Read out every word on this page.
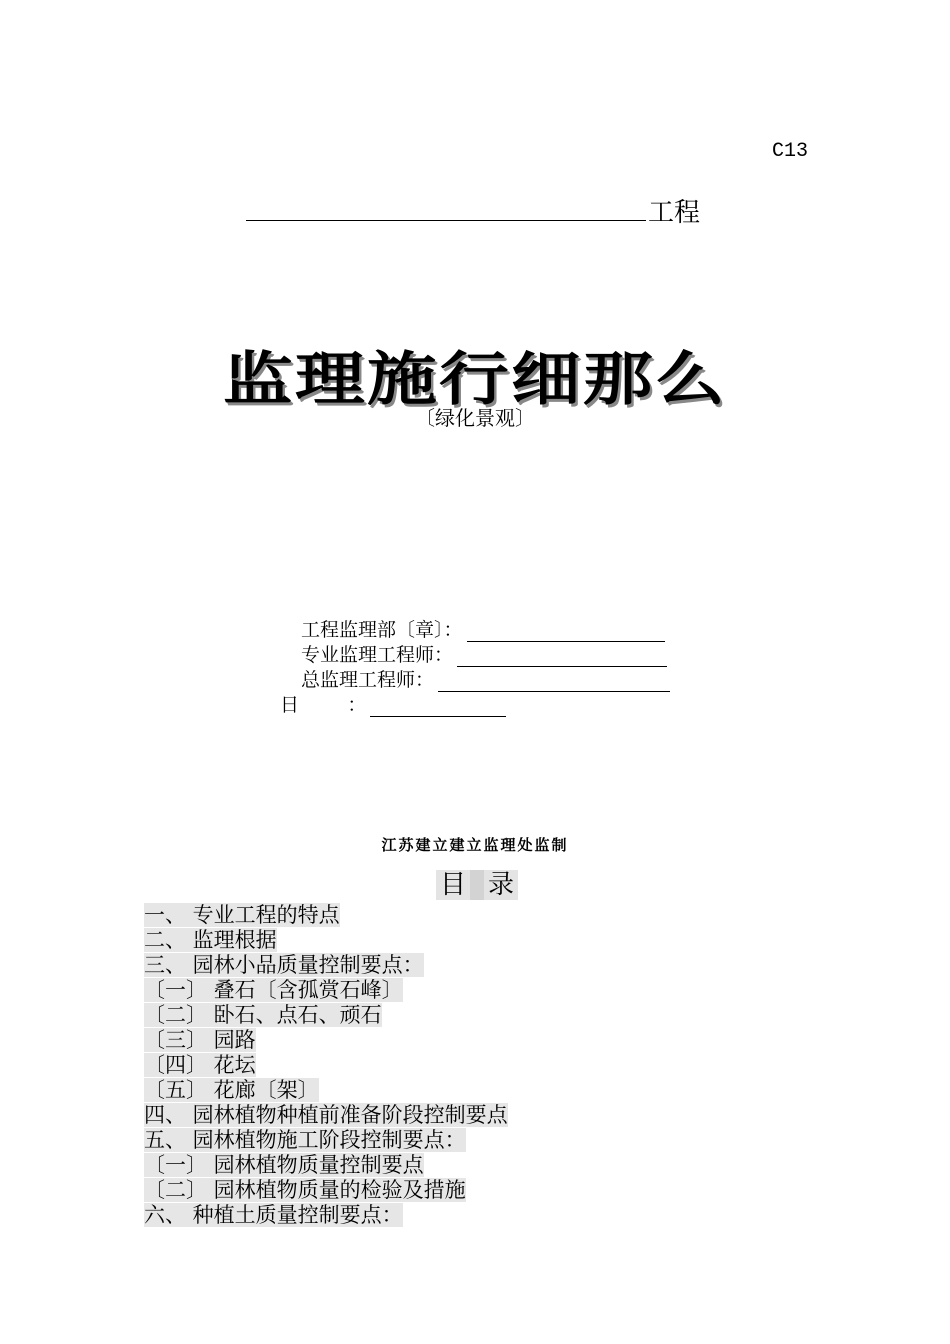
C13
工程
监理施行细那么
〔绿化景观〕
工程监理部〔章〕：
专业监理工程师：
总监理工程师：
日        ：
江苏建立建立监理处监制
目 录
一、 专业工程的特点
二、 监理根据
三、 园林小品质量控制要点：
〔一〕 叠石〔含孤赏石峰〕
〔二〕 卧石、点石、顽石
〔三〕 园路
〔四〕 花坛
〔五〕 花廊〔架〕
四、 园林植物种植前准备阶段控制要点
五、 园林植物施工阶段控制要点：
〔一〕 园林植物质量控制要点
〔二〕 园林植物质量的检验及措施
六、 种植土质量控制要点：
